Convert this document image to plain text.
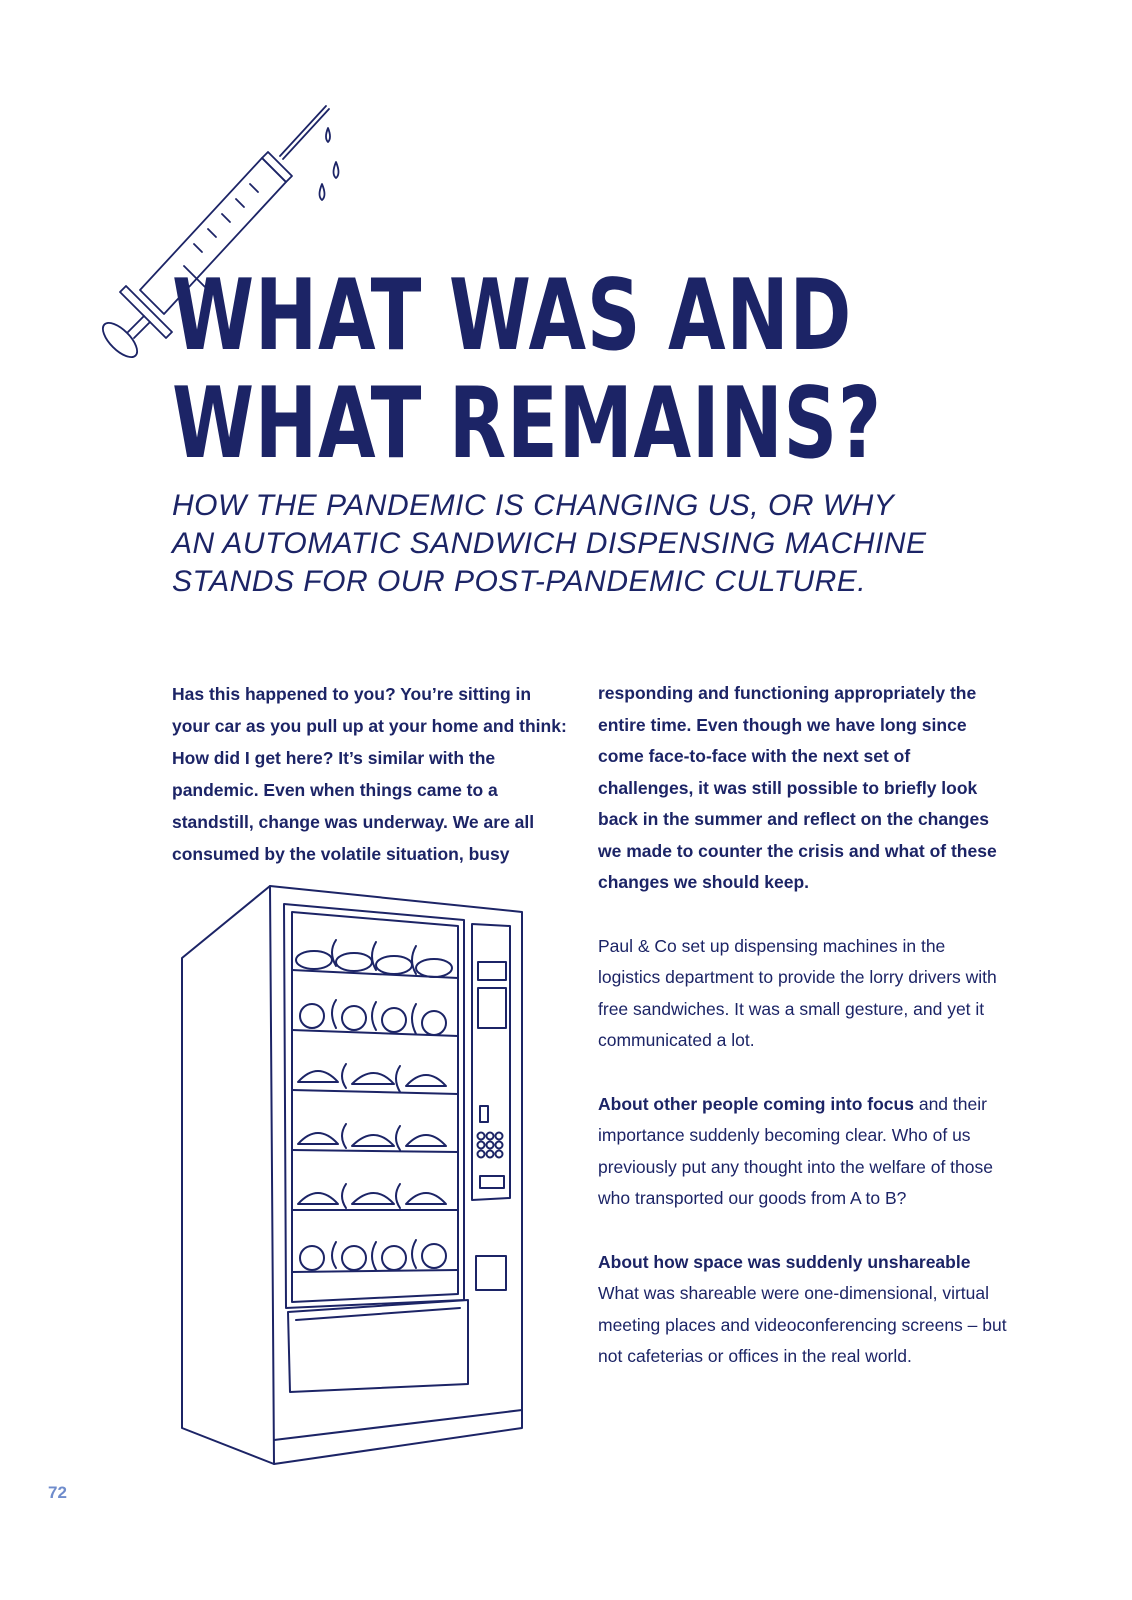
WHAT WAS AND
WHAT REMAINS?
HOW THE PANDEMIC IS CHANGING US, OR WHY
AN AUTOMATIC SANDWICH DISPENSING MACHINE
STANDS FOR OUR POST-PANDEMIC CULTURE.
Has this happened to you? You’re sitting in your car as you pull up at your home and think: How did I get here? It’s similar with the pandemic. Even when things came to a standstill, change was underway. We are all consumed by the volatile situation, busy

responding and functioning appropriately the entire time. Even though we have long since come face-to-face with the next set of challenges, it was still possible to briefly look back in the summer and reflect on the changes we made to counter the crisis and what of these changes we should keep.

Paul & Co set up dispensing machines in the logistics department to provide the lorry drivers with free sandwiches. It was a small gesture, and yet it communicated a lot.

About other people coming into focus and their importance suddenly becoming clear. Who of us previously put any thought into the welfare of those who transported our goods from A to B?

About how space was suddenly unshareable
What was shareable were one-dimensional, virtual meeting places and videoconferencing screens – but not cafeterias or offices in the real world.

72
